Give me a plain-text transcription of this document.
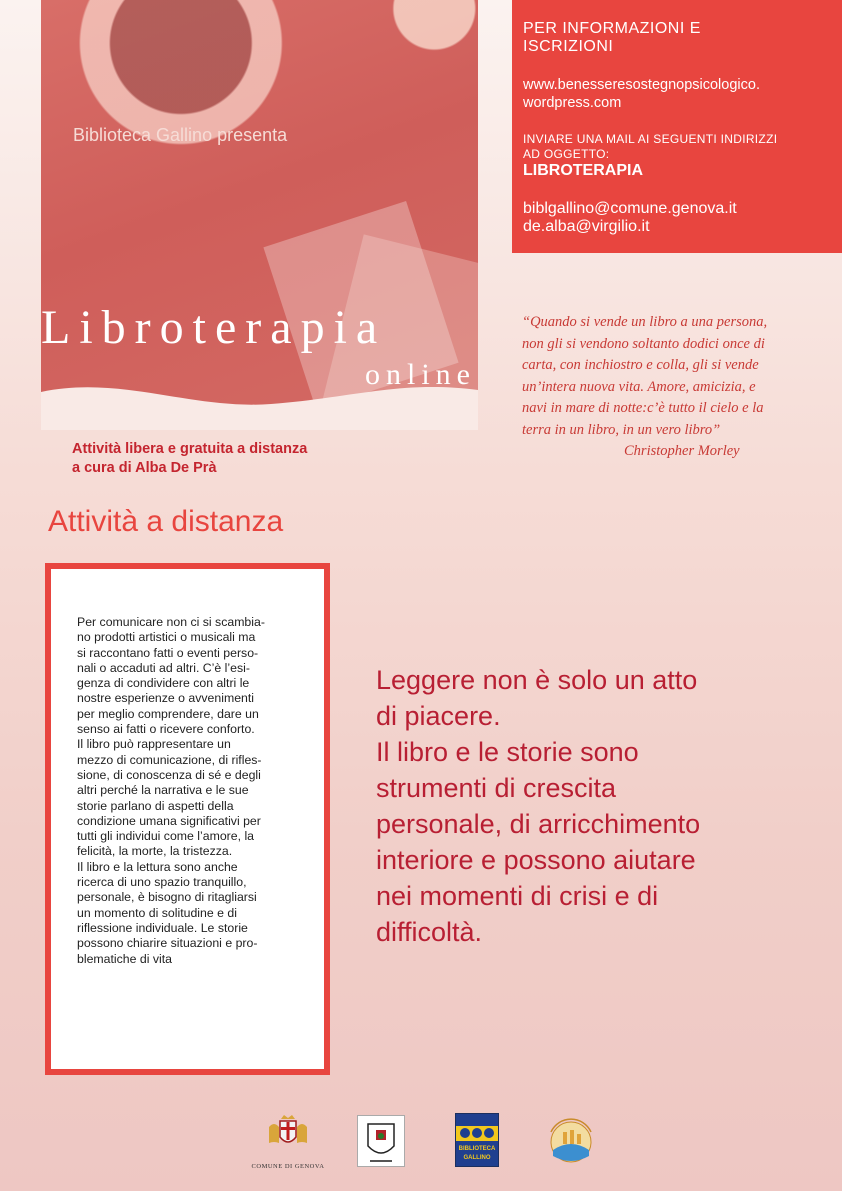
Biblioteca Gallino presenta
Libroterapia
online
PER INFORMAZIONI E
ISCRIZIONI
www.benesseresostegnopsicologico.
wordpress.com
INVIARE UNA MAIL AI SEGUENTI INDIRIZZI
AD OGGETTO:
LIBROTERAPIA
biblgallino@comune.genova.it
de.alba@virgilio.it
“Quando si vende un libro a una persona,
non gli si vendono soltanto dodici once di
carta, con inchiostro e colla, gli si vende
un’intera nuova vita. Amore, amicizia, e
navi in mare di notte:c’è tutto il cielo e la
terra in un libro, in un vero libro”
Christopher Morley
Attività libera e gratuita a distanza
a cura di Alba De Prà
Attività a distanza

Per comunicare non ci si scambia-

no prodotti artistici o musicali ma

si raccontano fatti o eventi perso-

nali o accaduti ad altri. C’è l’esi-

genza di condividere con altri le

nostre esperienze o avvenimenti

per meglio comprendere, dare un

senso ai fatti o ricevere conforto.

Il libro può rappresentare un

mezzo di comunicazione, di rifles-

sione, di conoscenza di sé e degli

altri perché la narrativa e le sue

storie parlano di aspetti della

condizione umana significativi per

tutti gli individui come l’amore, la

felicità, la morte, la tristezza.

Il libro e la lettura sono anche

ricerca di uno spazio tranquillo,

personale, è bisogno di ritagliarsi

un momento di solitudine e di

riflessione individuale. Le storie

possono chiarire situazioni e pro-

blematiche di vita

Leggere non è solo un atto

di piacere.

Il libro e le storie sono

strumenti di crescita

personale, di arricchimento

interiore e possono aiutare

nei momenti di crisi e di

difficoltà.

COMUNE DI GENOVA
BIBLIOTECA
GALLINO
